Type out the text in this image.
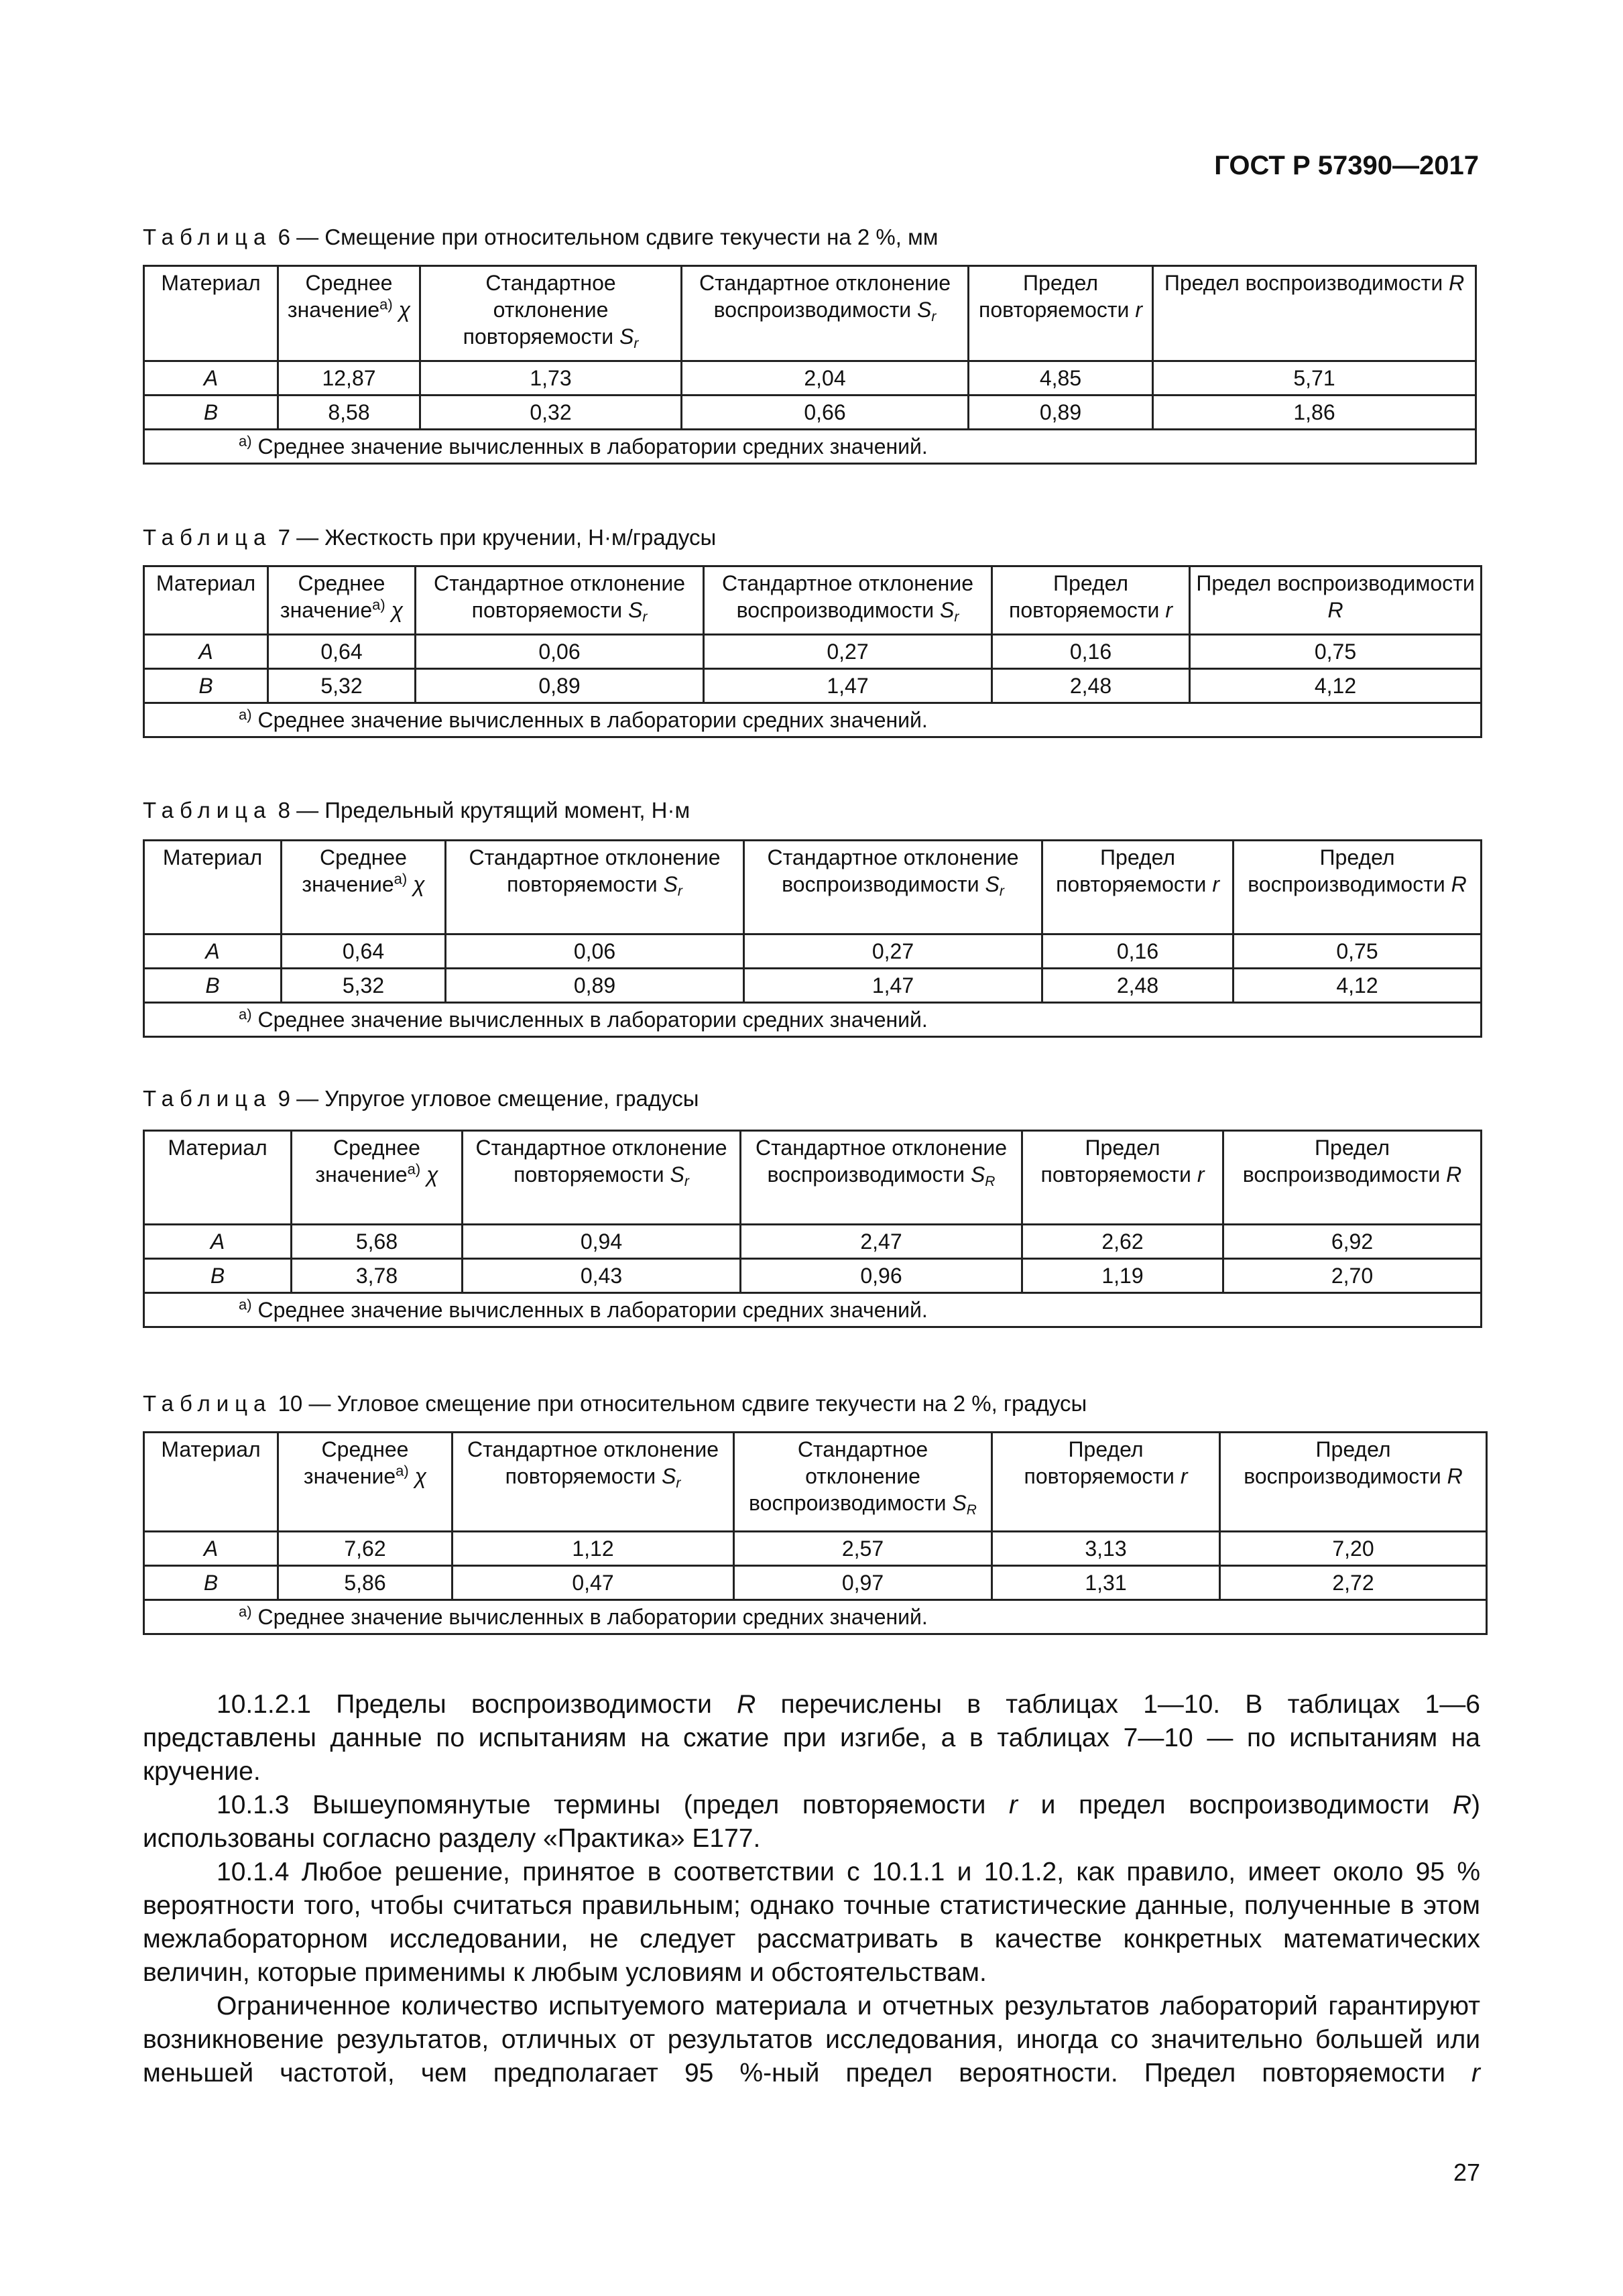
ГОСТ Р 57390—2017
Таблица 6 — Смещение при относительном сдвиге текучести на 2 %, мм
Материал	Среднее значение$^{а)}$ χ	Стандартное отклонение повторяемости $S_r$	Стандартное отклонение воспроизводимости $S_r$	Предел повторяемости r	Предел воспроизводимости R
A	12,87	1,73	2,04	4,85	5,71
B	8,58	0,32	0,66	0,89	1,86
$^{а)}$ Среднее значение вычисленных в лаборатории средних значений.					
Таблица 7 — Жесткость при кручении, Н·м/градусы
Материал	Среднее значение$^{а)}$ χ	Стандартное отклонение повторяемости $S_r$	Стандартное отклонение воспроизводимости $S_r$	Предел повторяемости r	Предел воспроизводимости R
A	0,64	0,06	0,27	0,16	0,75
B	5,32	0,89	1,47	2,48	4,12
$^{а)}$ Среднее значение вычисленных в лаборатории средних значений.					
Таблица 8 — Предельный крутящий момент, Н·м
Материал	Среднее значение$^{а)}$ χ	Стандартное отклонение повторяемости $S_r$	Стандартное отклонение воспроизводимости $S_r$	Предел повторяемости r	Предел воспроизводимости R
A	0,64	0,06	0,27	0,16	0,75
B	5,32	0,89	1,47	2,48	4,12
$^{а)}$ Среднее значение вычисленных в лаборатории средних значений.					
Таблица 9 — Упругое угловое смещение, градусы
Материал	Среднее значение$^{а)}$ χ	Стандартное отклонение повторяемости $S_r$	Стандартное отклонение воспроизводимости $S_R$	Предел повторяемости r	Предел воспроизводимости R
A	5,68	0,94	2,47	2,62	6,92
B	3,78	0,43	0,96	1,19	2,70
$^{а)}$ Среднее значение вычисленных в лаборатории средних значений.					
Таблица 10 — Угловое смещение при относительном сдвиге текучести на 2 %, градусы
Материал	Среднее значение$^{а)}$ χ	Стандартное отклонение повторяемости $S_r$	Стандартное отклонение воспроизводимости $S_R$	Предел повторяемости r	Предел воспроизводимости R
A	7,62	1,12	2,57	3,13	7,20
B	5,86	0,47	0,97	1,31	2,72
$^{а)}$ Среднее значение вычисленных в лаборатории средних значений.					

10.1.2.1 Пределы воспроизводимости R перечислены в таблицах 1—10. В таблицах 1—6 представлены данные по испытаниям на сжатие при изгибе, а в таблицах 7—10 — по испытаниям на кручение.

10.1.3 Вышеупомянутые термины (предел повторяемости r и предел воспроизводимости R) использованы согласно разделу «Практика» Е177.

10.1.4 Любое решение, принятое в соответствии с 10.1.1 и 10.1.2, как правило, имеет около 95 % вероятности того, чтобы считаться правильным; однако точные статистические данные, полученные в этом межлабораторном исследовании, не следует рассматривать в качестве конкретных математических величин, которые применимы к любым условиям и обстоятельствам.

Ограниченное количество испытуемого материала и отчетных результатов лабораторий гарантируют возникновение результатов, отличных от результатов исследования, иногда со значительно большей или меньшей частотой, чем предполагает 95 %-ный предел вероятности. Предел повторяемости r

27
